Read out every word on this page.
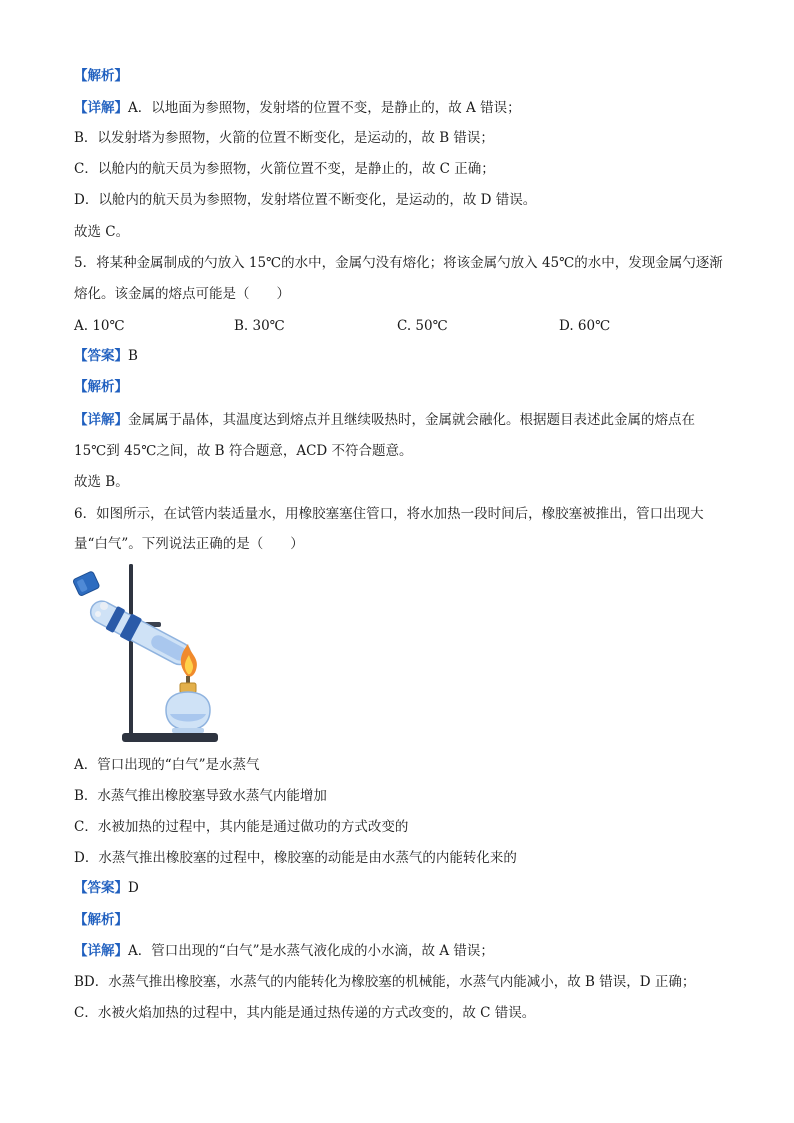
【解析】
【详解】A．以地面为参照物，发射塔的位置不变，是静止的，故 A 错误；
B．以发射塔为参照物，火箭的位置不断变化，是运动的，故 B 错误；
C．以舱内的航天员为参照物，火箭位置不变，是静止的，故 C 正确；
D．以舱内的航天员为参照物，发射塔位置不断变化，是运动的，故 D 错误。
故选 C。
5．将某种金属制成的勺放入 15℃的水中，金属勺没有熔化；将该金属勺放入 45℃的水中，发现金属勺逐渐
熔化。该金属的熔点可能是（　　）
A. 10℃	B. 30℃	C. 50℃	D. 60℃
【答案】B
【解析】
【详解】金属属于晶体，其温度达到熔点并且继续吸热时，金属就会融化。根据题目表述此金属的熔点在
15℃到 45℃之间，故 B 符合题意，ACD 不符合题意。
故选 B。
6．如图所示，在试管内装适量水，用橡胶塞塞住管口，将水加热一段时间后，橡胶塞被推出，管口出现大
量“白气”。下列说法正确的是（　　）
A．管口出现的“白气”是水蒸气
B．水蒸气推出橡胶塞导致水蒸气内能增加
C．水被加热的过程中，其内能是通过做功的方式改变的
D．水蒸气推出橡胶塞的过程中，橡胶塞的动能是由水蒸气的内能转化来的
【答案】D
【解析】
【详解】A．管口出现的“白气”是水蒸气液化成的小水滴，故 A 错误；
BD．水蒸气推出橡胶塞，水蒸气的内能转化为橡胶塞的机械能，水蒸气内能减小，故 B 错误，D 正确；
C．水被火焰加热的过程中，其内能是通过热传递的方式改变的，故 C 错误。
